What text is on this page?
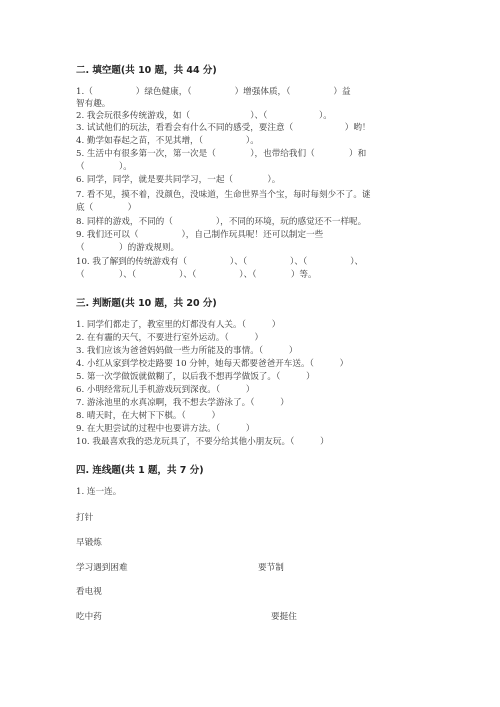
二. 填空题(共 10 题，共 44 分)
1.（　　　　　）绿色健康，（　　　　　）增强体质，（　　　　　）益
智有趣。
2. 我会玩很多传统游戏，如（　　　　　　　）、（　　　　　　）。
3. 试试他们的玩法，看看会有什么不同的感受，要注意（　　　　　　）哟！
4. 勤学如春起之苗，不见其增，（　　　　　）。
5. 生活中有很多第一次，第一次是（　　　　），也带给我们（　　　　）和
（　　　　）。
6. 同学，同学，就是要共同学习，一起（　　　　）。
7. 看不见，摸不着，没颜色，没味道，生命世界当个宝，每时每刻少不了。谜
底（　　　　）
8. 同样的游戏，不同的（　　　　　），不同的环境，玩的感觉还不一样呢。
9. 我们还可以（　　　　　），自己制作玩具呢！还可以制定一些
（　　　　）的游戏规则。
10. 我了解到的传统游戏有（　　　　　）、（　　　　　）、（　　　　　）、
（　　　　）、（　　　　　）、（　　　　　）、（　　　　）等。
三. 判断题(共 10 题，共 20 分)
1. 同学们都走了，教室里的灯都没有人关。（　　　）
2. 在有霾的天气，不要进行室外运动。（　　　）
3. 我们应该为爸爸妈妈做一些力所能及的事情。（　　　）
4. 小红从家到学校走路要 10 分钟，她每天都要爸爸开车送。（　　　）
5. 第一次学做饭就做糊了，以后我不想再学做饭了。（　　　）
6. 小明经常玩儿手机游戏玩到深夜。（　　　）
7. 游泳池里的水真凉啊，我不想去学游泳了。（　　　）
8. 晴天时，在大树下下棋。（　　　）
9. 在大胆尝试的过程中也要讲方法。（　　　）
10. 我最喜欢我的恐龙玩具了，不要分给其他小朋友玩。（　　　）
四. 连线题(共 1 题，共 7 分)
1. 连一连。
打针
早锻炼
学习遇到困难
看电视
吃中药
要节制
要挺住
